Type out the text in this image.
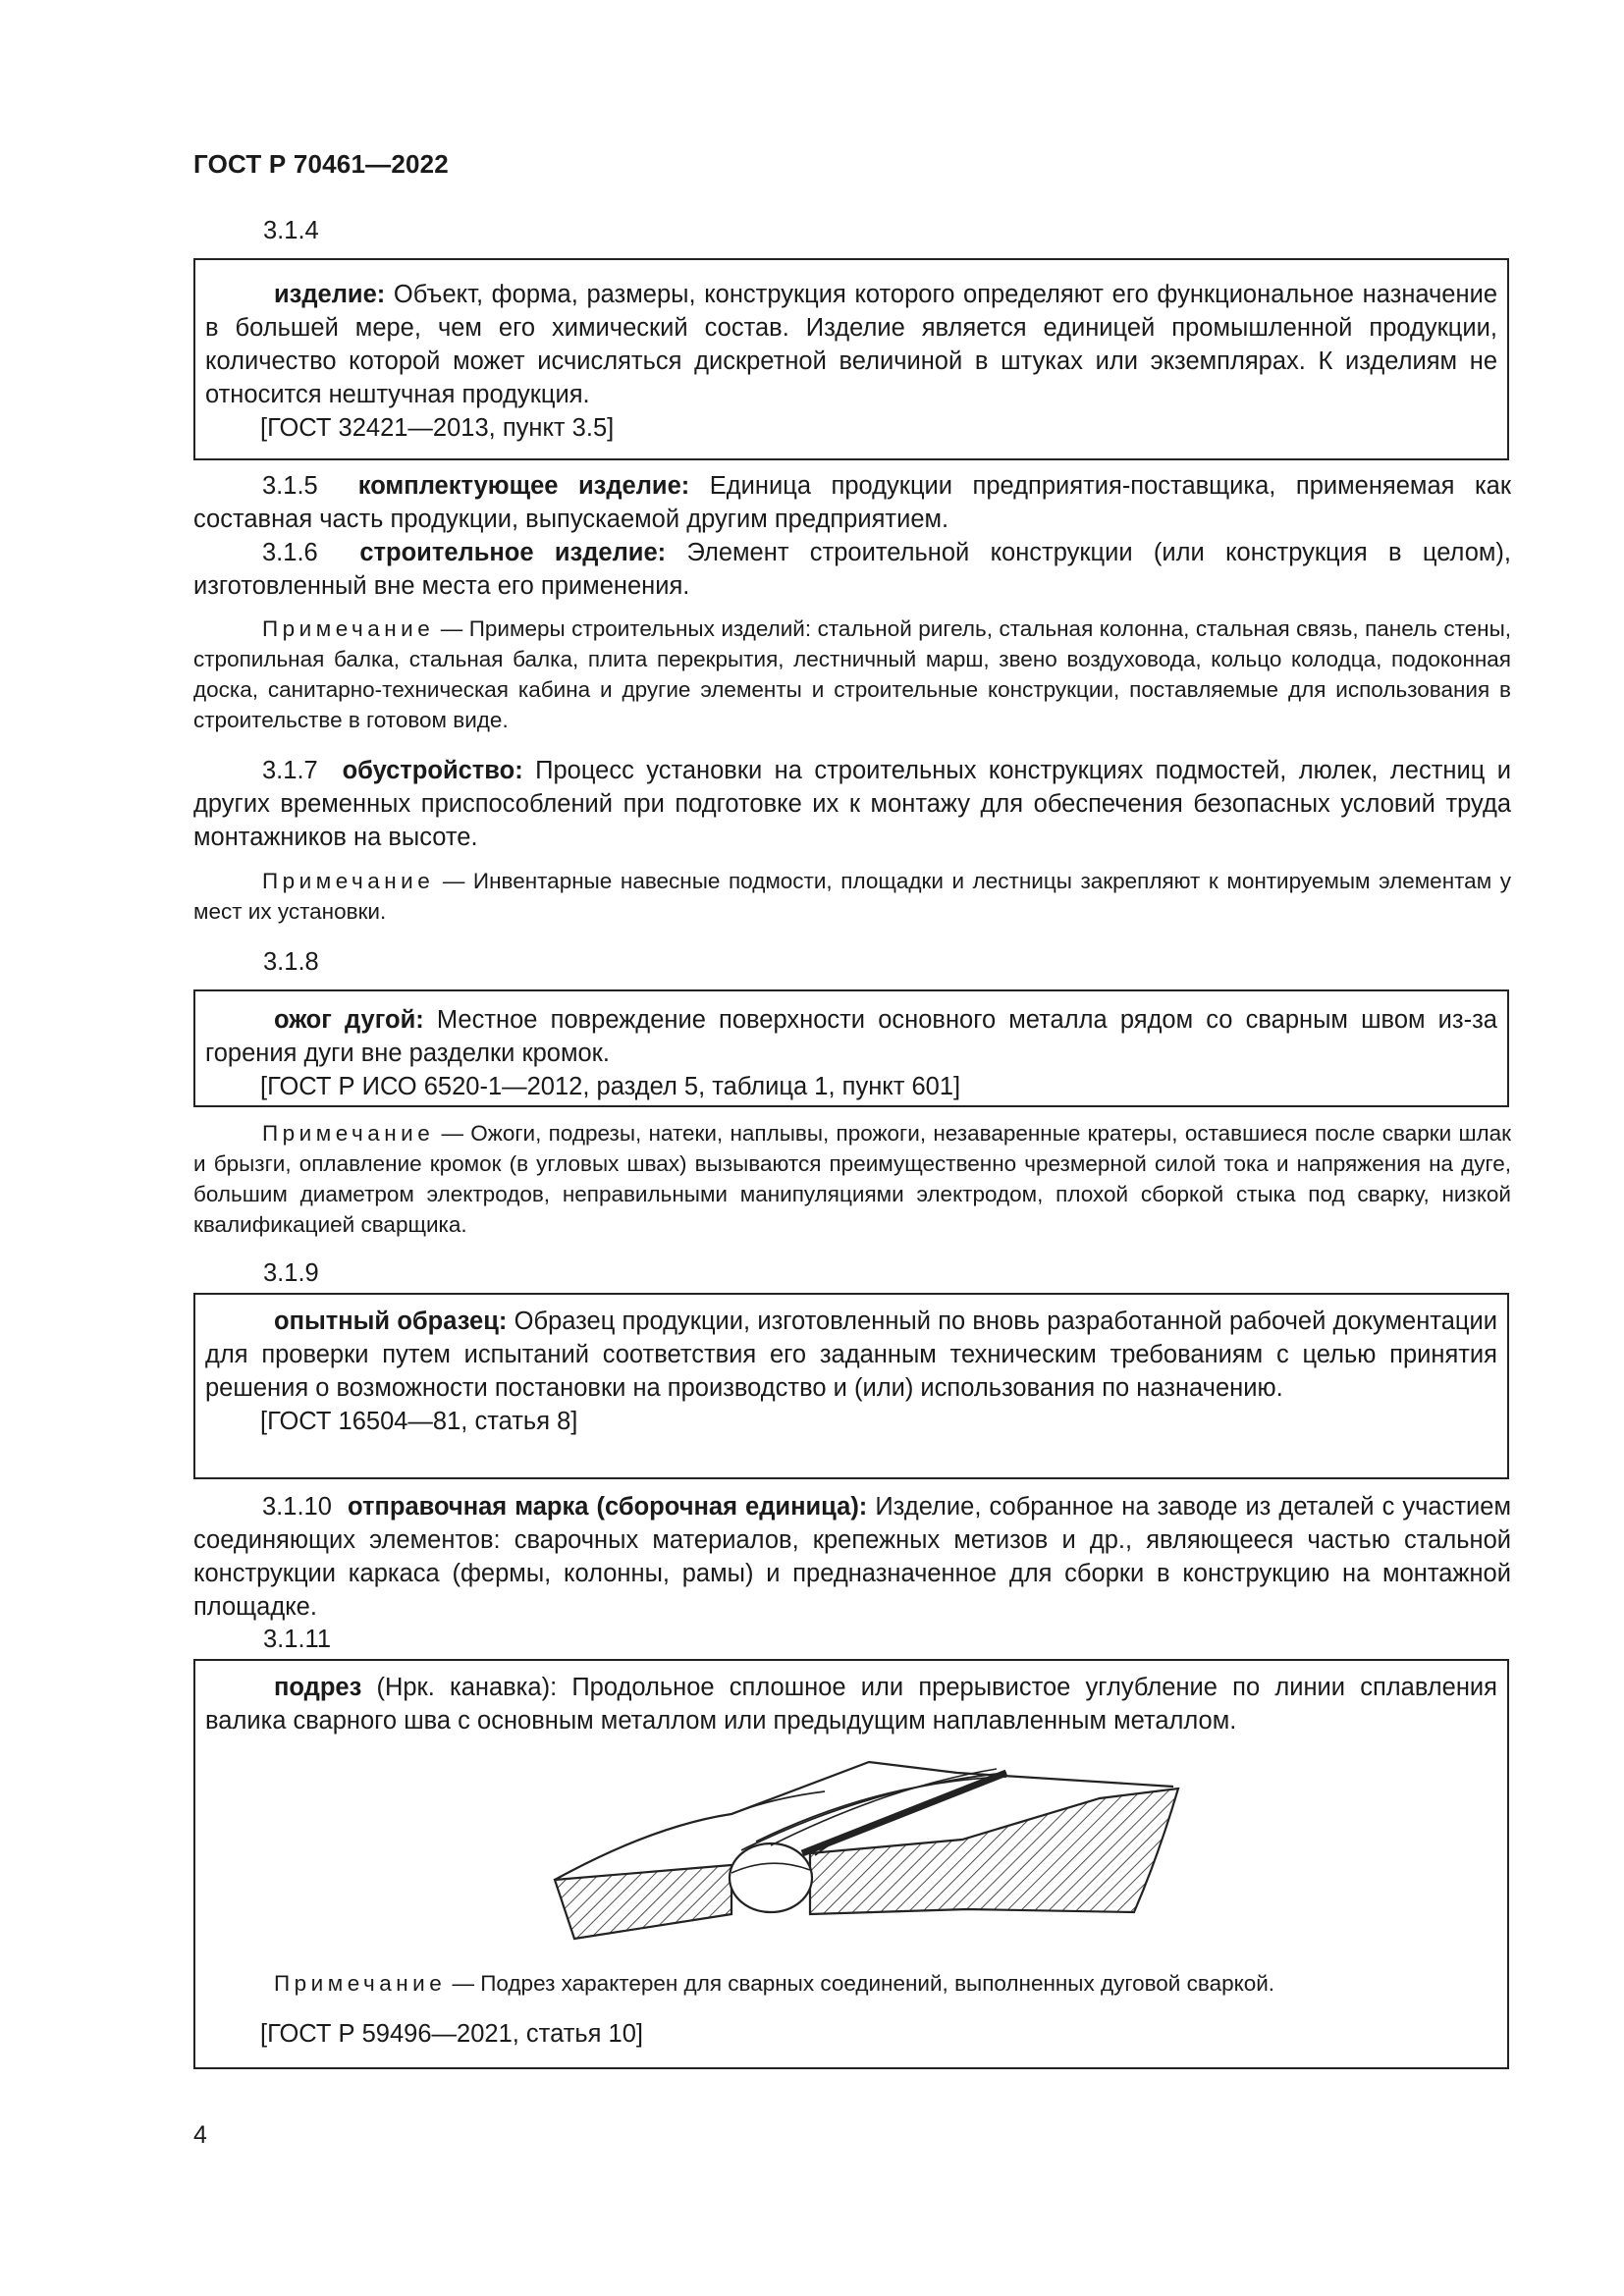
ГОСТ Р 70461—2022
3.1.4

изделие: Объект, форма, размеры, конструкция которого определяют его функциональное назначение в большей мере, чем его химический состав. Изделие является единицей промышленной продукции, количество которой может исчисляться дискретной величиной в штуках или экземплярах. К изделиям не относится нештучная продукция.

[ГОСТ 32421—2013, пункт 3.5]

3.1.5 комплектующее изделие: Единица продукции предприятия-поставщика, применяемая как составная часть продукции, выпускаемой другим предприятием.

3.1.6 строительное изделие: Элемент строительной конструкции (или конструкция в целом), изготовленный вне места его применения.

Примечание — Примеры строительных изделий: стальной ригель, стальная колонна, стальная связь, панель стены, стропильная балка, стальная балка, плита перекрытия, лестничный марш, звено воздуховода, кольцо колодца, подоконная доска, санитарно-техническая кабина и другие элементы и строительные конструкции, поставляемые для использования в строительстве в готовом виде.

3.1.7 обустройство: Процесс установки на строительных конструкциях подмостей, люлек, лестниц и других временных приспособлений при подготовке их к монтажу для обеспечения безопасных условий труда монтажников на высоте.

Примечание — Инвентарные навесные подмости, площадки и лестницы закрепляют к монтируемым элементам у мест их установки.

3.1.8

ожог дугой: Местное повреждение поверхности основного металла рядом со сварным швом из-за горения дуги вне разделки кромок.

[ГОСТ Р ИСО 6520-1—2012, раздел 5, таблица 1, пункт 601]

Примечание — Ожоги, подрезы, натеки, наплывы, прожоги, незаваренные кратеры, оставшиеся после сварки шлак и брызги, оплавление кромок (в угловых швах) вызываются преимущественно чрезмерной силой тока и напряжения на дуге, большим диаметром электродов, неправильными манипуляциями электродом, плохой сборкой стыка под сварку, низкой квалификацией сварщика.

3.1.9

опытный образец: Образец продукции, изготовленный по вновь разработанной рабочей документации для проверки путем испытаний соответствия его заданным техническим требованиям с целью принятия решения о возможности постановки на производство и (или) использования по назначению.

[ГОСТ 16504—81, статья 8]

3.1.10 отправочная марка (сборочная единица): Изделие, собранное на заводе из деталей с участием соединяющих элементов: сварочных материалов, крепежных метизов и др., являющееся частью стальной конструкции каркаса (фермы, колонны, рамы) и предназначенное для сборки в конструкцию на монтажной площадке.

3.1.11

подрез (Нрк. канавка): Продольное сплошное или прерывистое углубление по линии сплавления валика сварного шва с основным металлом или предыдущим наплавленным металлом.

Примечание — Подрез характерен для сварных соединений, выполненных дуговой сваркой.

[ГОСТ Р 59496—2021, статья 10]

4
